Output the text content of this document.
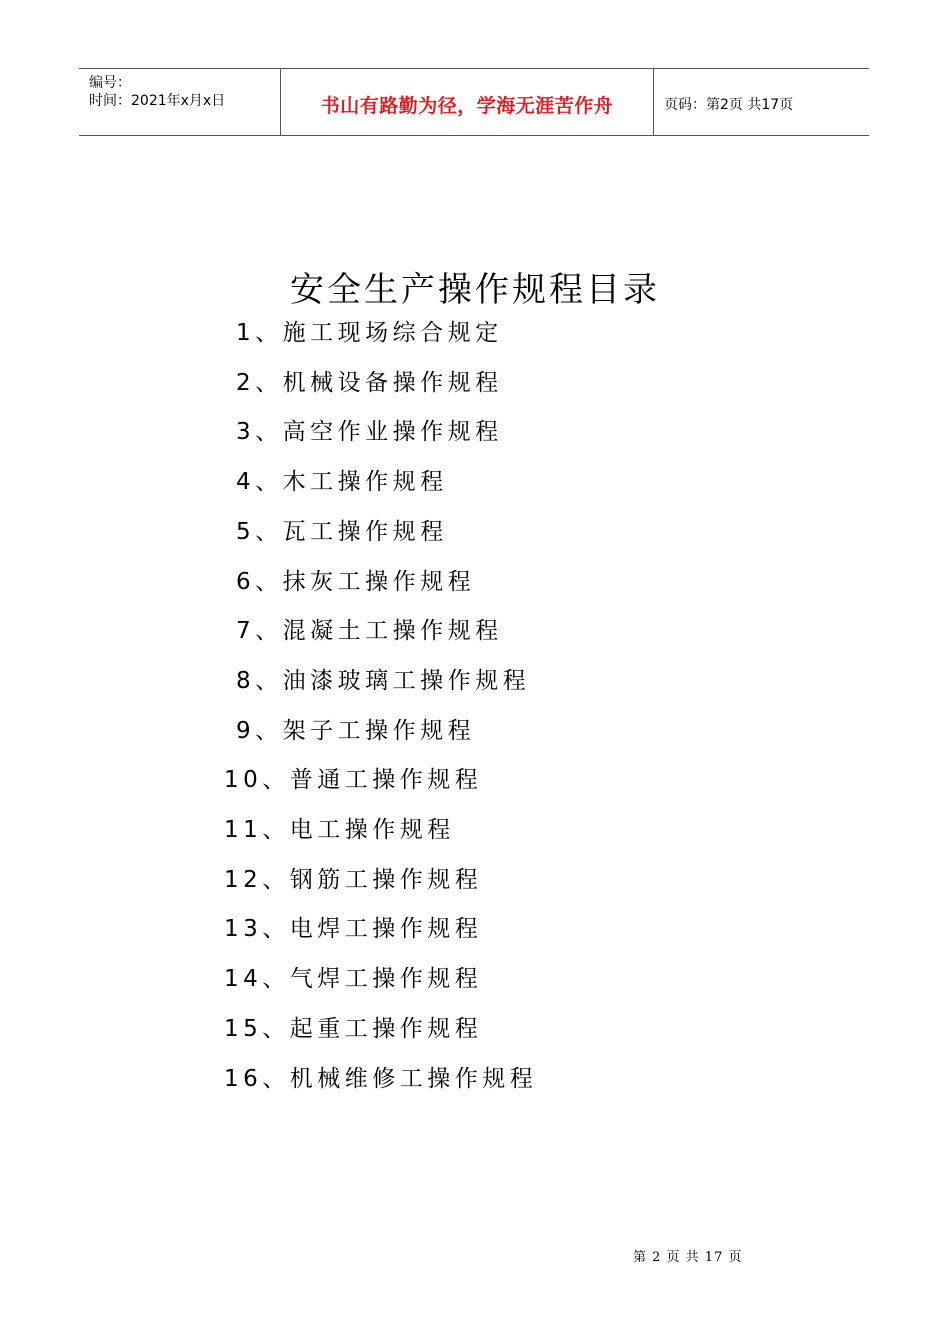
编号：
时间：2021年x月x日	书山有路勤为径，学海无涯苦作舟	页码：第2页 共17页
安全生产操作规程目录
1、施工现场综合规定
2、机械设备操作规程
3、高空作业操作规程
4、木工操作规程
5、瓦工操作规程
6、抹灰工操作规程
7、混凝土工操作规程
8、油漆玻璃工操作规程
9、架子工操作规程
10、普通工操作规程
11、电工操作规程
12、钢筋工操作规程
13、电焊工操作规程
14、气焊工操作规程
15、起重工操作规程
16、机械维修工操作规程
第 2 页 共 17 页
